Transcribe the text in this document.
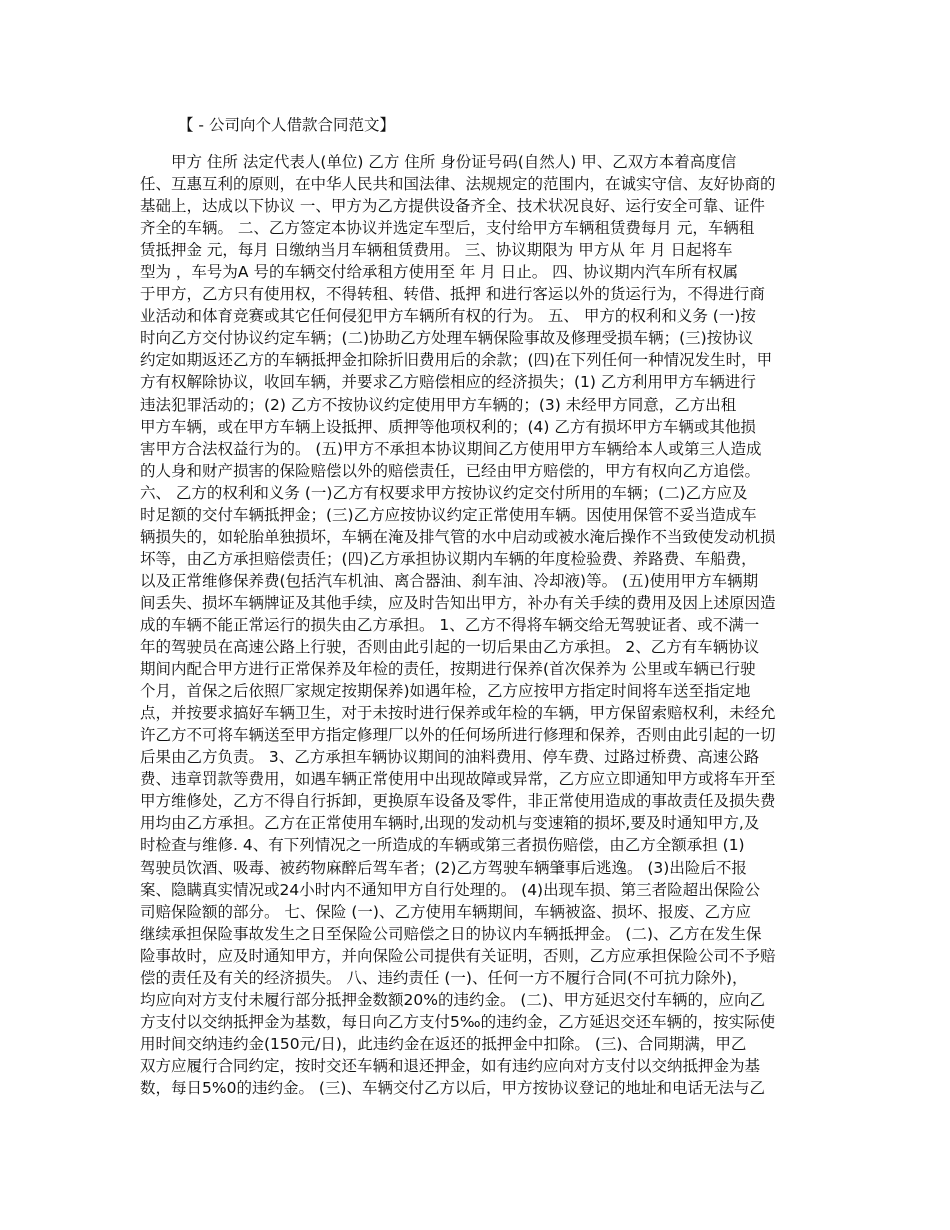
【 - 公司向个人借款合同范文】
　　甲方 住所 法定代表人(单位) 乙方 住所 身份证号码(自然人) 甲、乙双方本着高度信
任、互惠互利的原则，在中华人民共和国法律、法规规定的范围内，在诚实守信、友好协商的
基础上，达成以下协议 一、甲方为乙方提供设备齐全、技术状况良好、运行安全可靠、证件
齐全的车辆。 二、乙方签定本协议并选定车型后，支付给甲方车辆租赁费每月 元，车辆租
赁抵押金 元，每月 日缴纳当月车辆租赁费用。 三、协议期限为 甲方从 年 月 日起将车
型为 ，车号为A 号的车辆交付给承租方使用至 年 月 日止。 四、协议期内汽车所有权属
于甲方，乙方只有使用权，不得转租、转借、抵押 和进行客运以外的货运行为，不得进行商
业活动和体育竞赛或其它任何侵犯甲方车辆所有权的行为。 五、 甲方的权利和义务 (一)按
时向乙方交付协议约定车辆；(二)协助乙方处理车辆保险事故及修理受损车辆；(三)按协议
约定如期返还乙方的车辆抵押金扣除折旧费用后的余款；(四)在下列任何一种情况发生时，甲
方有权解除协议，收回车辆，并要求乙方赔偿相应的经济损失；(1) 乙方利用甲方车辆进行
违法犯罪活动的；(2) 乙方不按协议约定使用甲方车辆的；(3) 未经甲方同意，乙方出租
甲方车辆，或在甲方车辆上设抵押、质押等他项权利的；(4) 乙方有损坏甲方车辆或其他损
害甲方合法权益行为的。 (五)甲方不承担本协议期间乙方使用甲方车辆给本人或第三人造成
的人身和财产损害的保险赔偿以外的赔偿责任，已经由甲方赔偿的，甲方有权向乙方追偿。
六、 乙方的权利和义务 (一)乙方有权要求甲方按协议约定交付所用的车辆；(二)乙方应及
时足额的交付车辆抵押金；(三)乙方应按协议约定正常使用车辆。因使用保管不妥当造成车
辆损失的，如轮胎单独损坏，车辆在淹及排气管的水中启动或被水淹后操作不当致使发动机损
坏等，由乙方承担赔偿责任；(四)乙方承担协议期内车辆的年度检验费、养路费、车船费，
以及正常维修保养费(包括汽车机油、离合器油、刹车油、冷却液)等。 (五)使用甲方车辆期
间丢失、损坏车辆牌证及其他手续，应及时告知出甲方，补办有关手续的费用及因上述原因造
成的车辆不能正常运行的损失由乙方承担。 1、乙方不得将车辆交给无驾驶证者、或不满一
年的驾驶员在高速公路上行驶，否则由此引起的一切后果由乙方承担。 2、乙方有车辆协议
期间内配合甲方进行正常保养及年检的责任，按期进行保养(首次保养为 公里或车辆已行驶
个月，首保之后依照厂家规定按期保养)如遇年检，乙方应按甲方指定时间将车送至指定地
点，并按要求搞好车辆卫生，对于未按时进行保养或年检的车辆，甲方保留索赔权利，未经允
许乙方不可将车辆送至甲方指定修理厂以外的任何场所进行修理和保养，否则由此引起的一切
后果由乙方负责。 3、乙方承担车辆协议期间的油料费用、停车费、过路过桥费、高速公路
费、违章罚款等费用，如遇车辆正常使用中出现故障或异常，乙方应立即通知甲方或将车开至
甲方维修处，乙方不得自行拆卸，更换原车设备及零件，非正常使用造成的事故责任及损失费
用均由乙方承担。乙方在正常使用车辆时,出现的发动机与变速箱的损坏,要及时通知甲方,及
时检查与维修. 4、有下列情况之一所造成的车辆或第三者损伤赔偿，由乙方全额承担 (1)
驾驶员饮酒、吸毒、被药物麻醉后驾车者；(2)乙方驾驶车辆肇事后逃逸。 (3)出险后不报
案、隐瞒真实情况或24小时内不通知甲方自行处理的。 (4)出现车损、第三者险超出保险公
司赔保险额的部分。 七、保险 (一)、乙方使用车辆期间，车辆被盗、损坏、报废、乙方应
继续承担保险事故发生之日至保险公司赔偿之日的协议内车辆抵押金。 (二)、乙方在发生保
险事故时，应及时通知甲方，并向保险公司提供有关证明，否则，乙方应承担保险公司不予赔
偿的责任及有关的经济损失。 八、违约责任 (一)、任何一方不履行合同(不可抗力除外)，
均应向对方支付未履行部分抵押金数额20%的违约金。 (二)、甲方延迟交付车辆的，应向乙
方支付以交纳抵押金为基数，每日向乙方支付5‰的违约金，乙方延迟交还车辆的，按实际使
用时间交纳违约金(150元/日)，此违约金在返还的抵押金中扣除。 (三)、合同期满，甲乙
双方应履行合同约定，按时交还车辆和退还押金，如有违约应向对方支付以交纳抵押金为基
数，每日5%0的违约金。 (三)、车辆交付乙方以后，甲方按协议登记的地址和电话无法与乙
